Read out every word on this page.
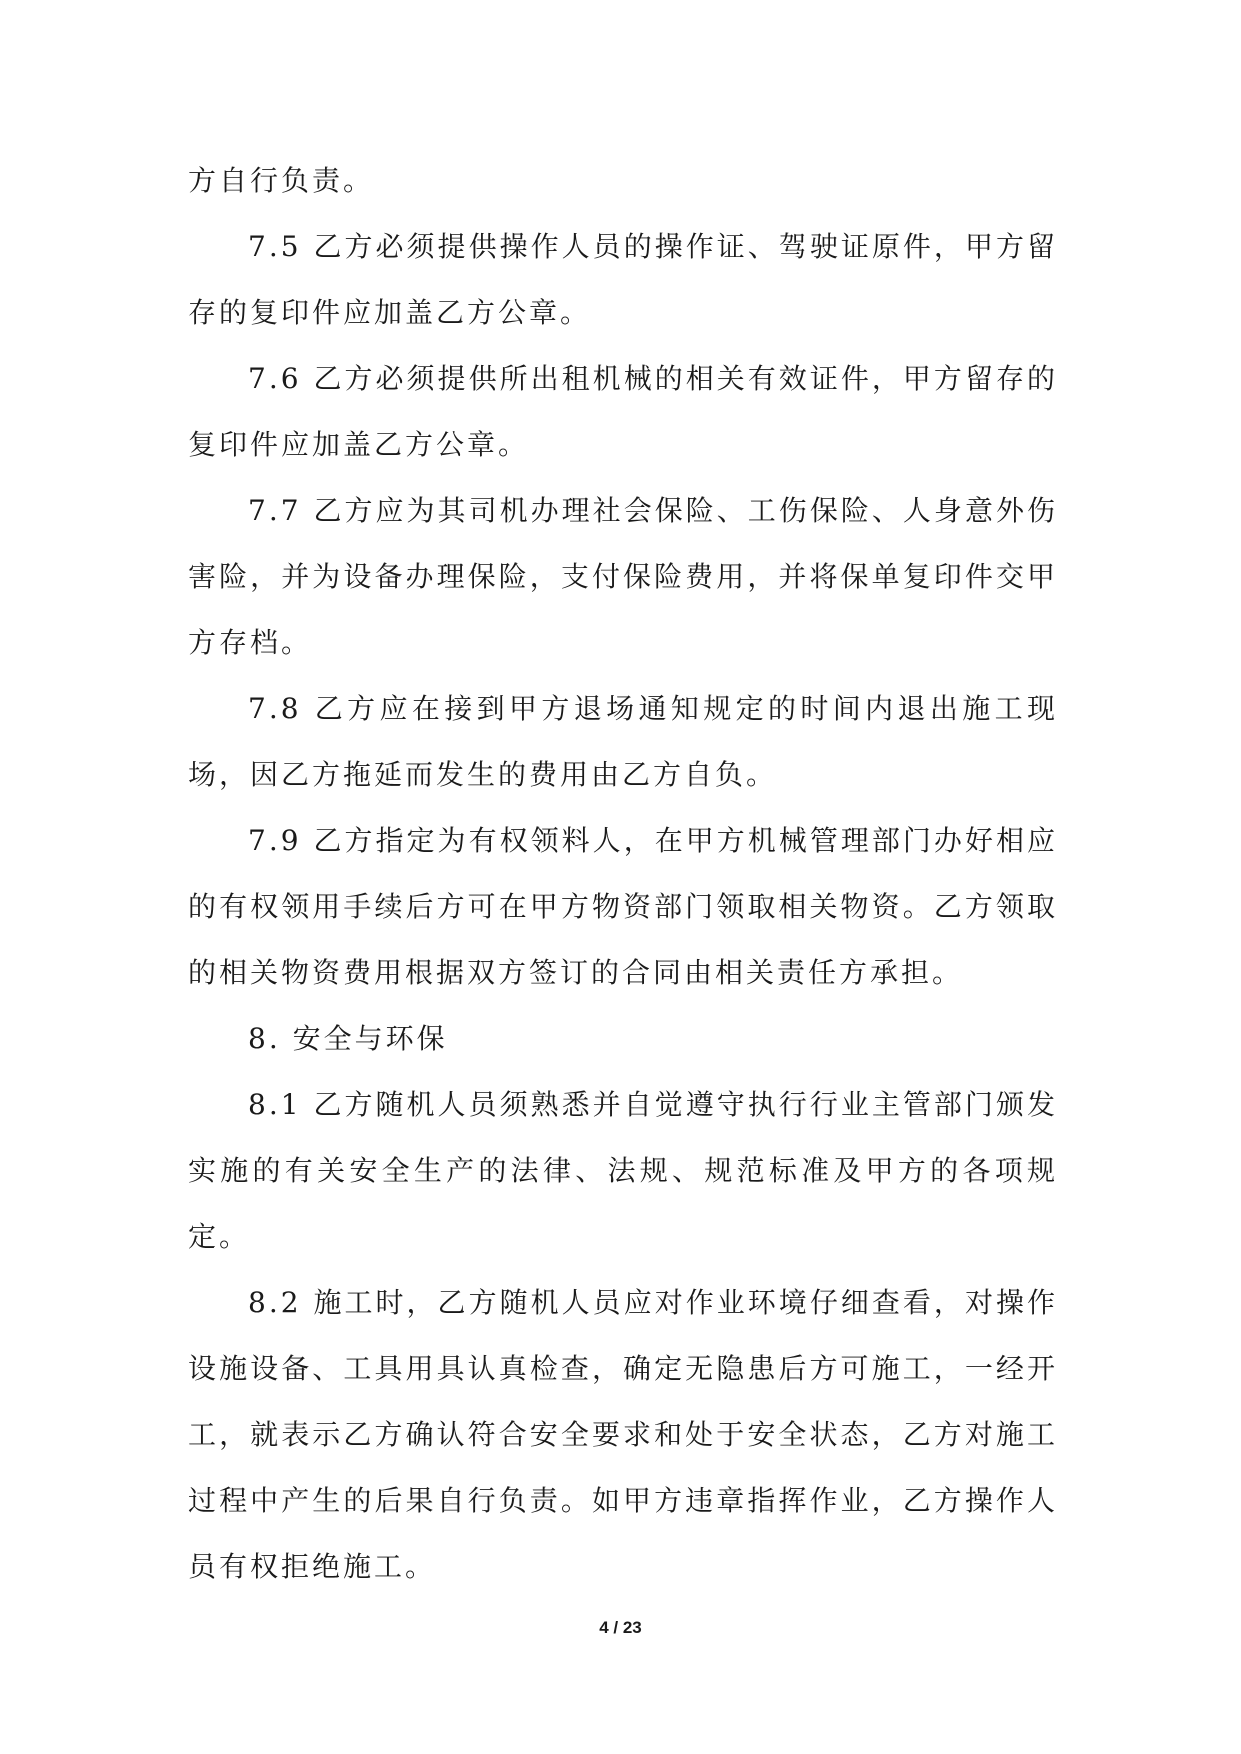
方自行负责。

7.5 乙方必须提供操作人员的操作证、驾驶证原件，甲方留存的复印件应加盖乙方公章。

7.6 乙方必须提供所出租机械的相关有效证件，甲方留存的复印件应加盖乙方公章。

7.7 乙方应为其司机办理社会保险、工伤保险、人身意外伤害险，并为设备办理保险，支付保险费用，并将保单复印件交甲方存档。

7.8 乙方应在接到甲方退场通知规定的时间内退出施工现场，因乙方拖延而发生的费用由乙方自负。

7.9 乙方指定为有权领料人，在甲方机械管理部门办好相应的有权领用手续后方可在甲方物资部门领取相关物资。乙方领取的相关物资费用根据双方签订的合同由相关责任方承担。

8. 安全与环保

8.1 乙方随机人员须熟悉并自觉遵守执行行业主管部门颁发实施的有关安全生产的法律、法规、规范标准及甲方的各项规定。

8.2 施工时，乙方随机人员应对作业环境仔细查看，对操作设施设备、工具用具认真检查，确定无隐患后方可施工，一经开工，就表示乙方确认符合安全要求和处于安全状态，乙方对施工过程中产生的后果自行负责。如甲方违章指挥作业，乙方操作人员有权拒绝施工。

4 / 23
